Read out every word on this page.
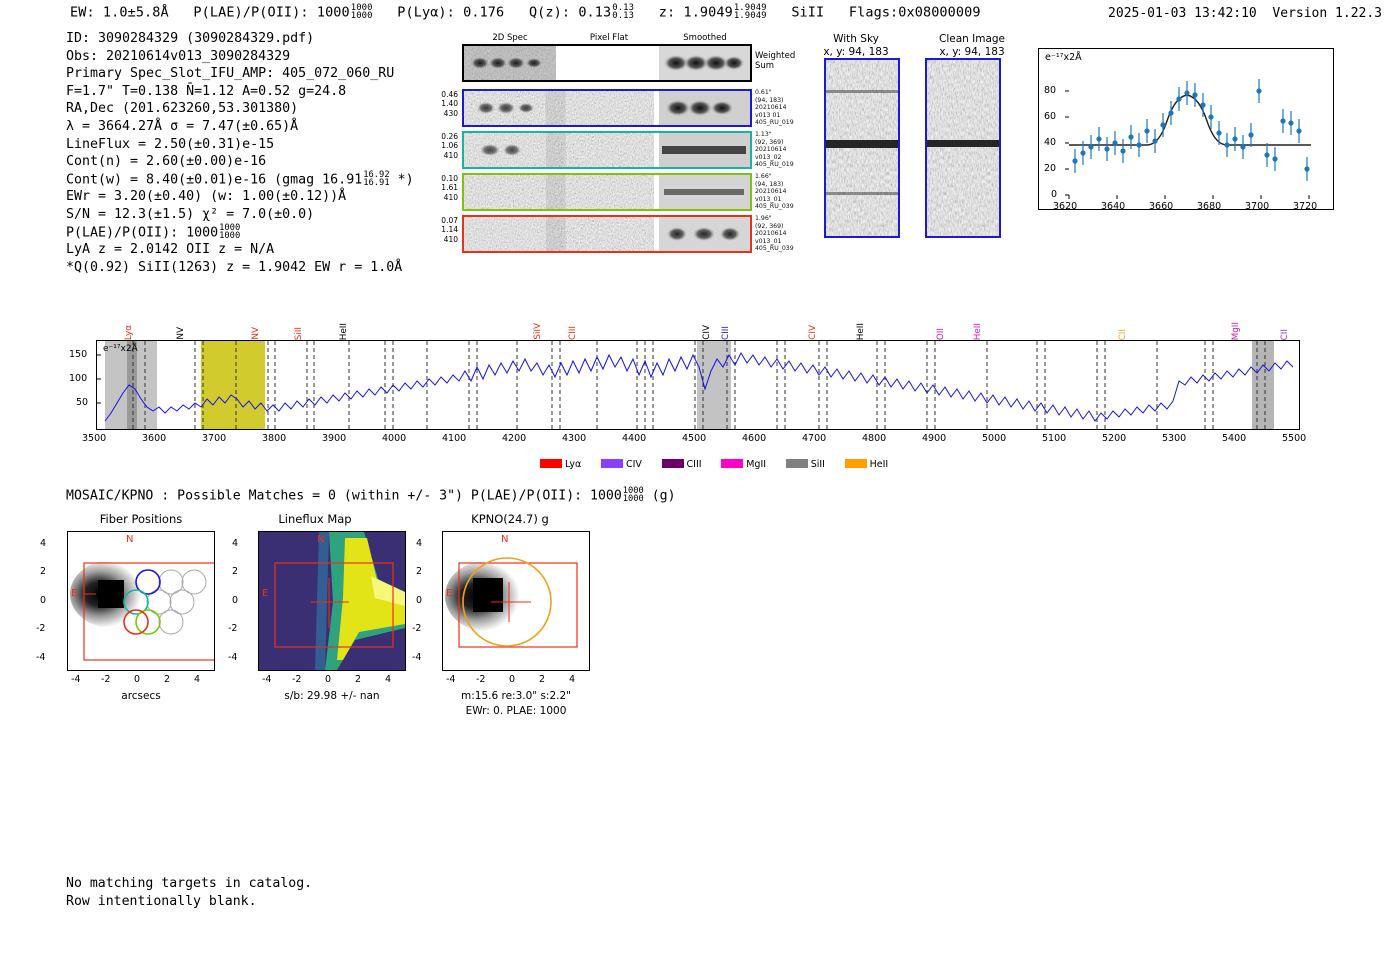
EW: 1.0±5.8Å P(LAE)/P(OII): 10001000
1000 P(Lyα): 0.176 Q(z): 0.130.13
0.13 z: 1.90491.9049
1.9049 SiII Flags:0x08000009	2025-01-03 13:42:10 Version 1.22.3
ID: 3090284329 (3090284329.pdf)
Obs: 20210614v013_3090284329
Primary Spec_Slot_IFU_AMP: 405_072_060_RU
F=1.7" T=0.138 N̄=1.12 A=0.52 g=24.8
RA,Dec (201.623260,53.301380)
λ = 3664.27Å σ = 7.47(±0.65)Å
LineFlux = 2.50(±0.31)e-15
Cont(n) = 2.60(±0.00)e-16
Cont(w) = 8.40(±0.01)e-16 (gmag 16.9116.92
16.91 *)
EWr = 3.20(±0.40) (w: 1.00(±0.12))Å
S/N = 12.3(±1.5) χ² = 7.0(±0.0)
P(LAE)/P(OII): 10001000
1000
LyA z = 2.0142 OII z = N/A
*Q(0.92) SiII(1263) z = 1.9042 EW r = 1.0Å
2D Spec	Pixel Flat	Smoothed
Weighted
Sum
0.46
1.40
430
0.61"
(94, 183)
20210614
v013 01
405_RU_019
0.26
1.06
410
1.13"
(92, 369)
20210614
v013_02
405_RU_019
0.10
1.61
410
1.66"
(94, 183)
20210614
v013_01
405_RU_039
0.07
1.14
410
1.96"
(92, 369)
20210614
v013_01
405_RU_039
With Sky
x, y: 94, 183
Clean Image
x, y: 94, 183	e⁻¹⁷x2Å
3620	3640	3660	3680	3700	3720
0
20
40
60
80
e⁻¹⁷x2Å
150
100
50
Lyα	NV	NV	SiII	HeII	SiIV	CIII	CIV CIII	CIV	HeII	OII	HeII	CII	MgII	CII
3500	3600	3700	3800	3900	4000	4100	4200	4300	4400	4500	4600	4700	4800	4900	5000	5100	5200	5300	5400	5500
Lyα	CIV	CIII	MgII	SiII	HeII
MOSAIC/KPNO : Possible Matches = 0 (within +/- 3") P(LAE)/P(OII): 10001000
1000 (g)
Fiber Positions
N
E
4
2
0
-2
-4
-4 -2 0	2	4
arcsecs
Lineflux Map
N
E
4
2
0
-2
-4
-4 -2 0	2	4
s/b: 29.98 +/- nan
KPNO(24.7) g
N
E
4
2
0
-2
-4
-4 -2 0	2	4
m:15.6 re:3.0" s:2.2"
EWr: 0. PLAE: 1000
No matching targets in catalog.
Row intentionally blank.
